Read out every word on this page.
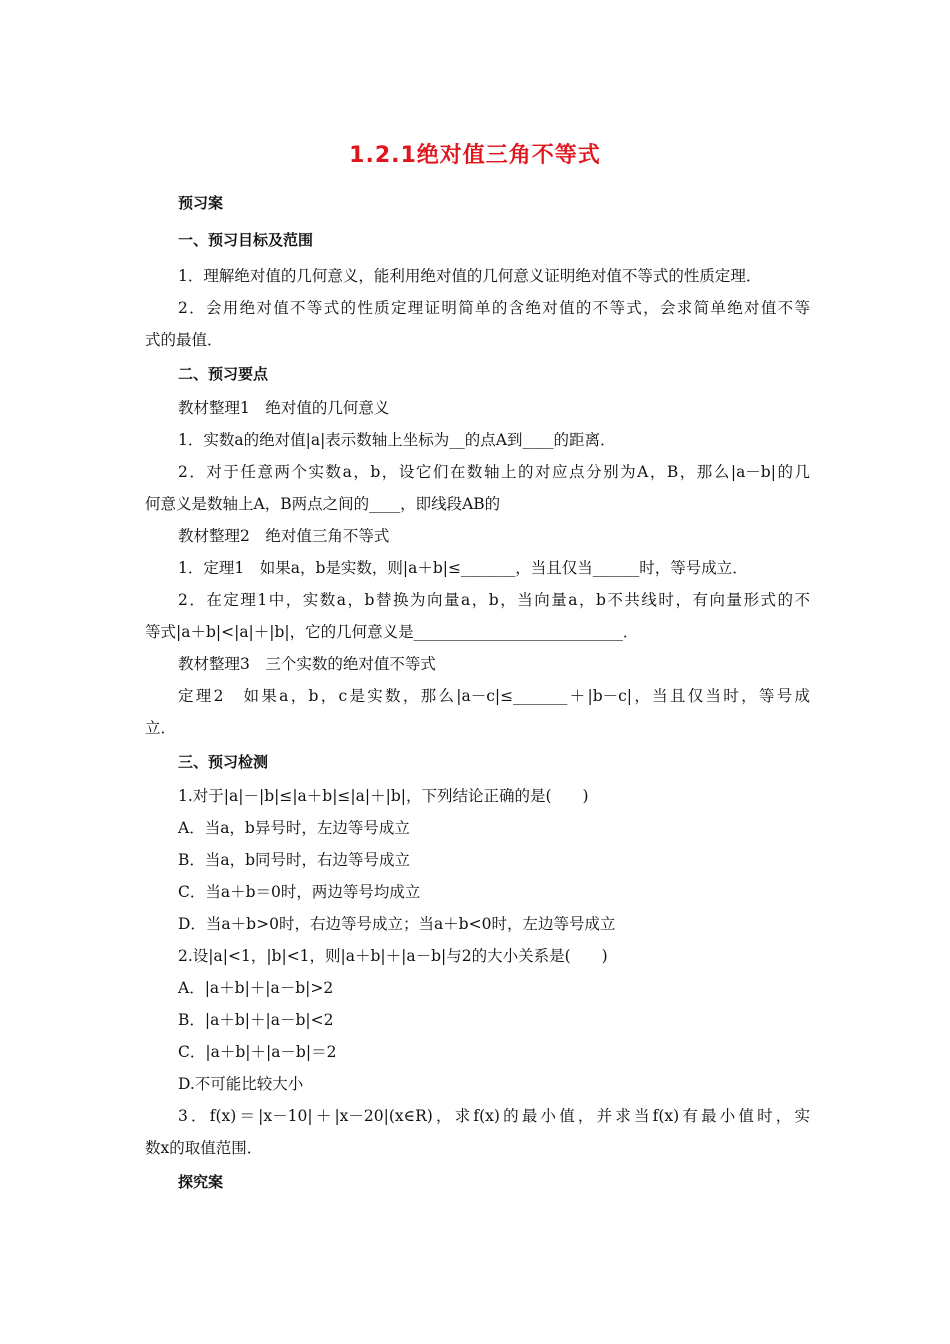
1.2.1绝对值三角不等式
预习案
一、预习目标及范围
1．理解绝对值的几何意义，能利用绝对值的几何意义证明绝对值不等式的性质定理．
2．会用绝对值不等式的性质定理证明简单的含绝对值的不等式，会求简单绝对值不等
式的最值．
二、预习要点
教材整理1　绝对值的几何意义
1．实数a的绝对值|a|表示数轴上坐标为__的点A到____的距离．
2．对于任意两个实数a，b，设它们在数轴上的对应点分别为A，B，那么|a－b|的几
何意义是数轴上A，B两点之间的____，即线段AB的
教材整理2　绝对值三角不等式
1．定理1　如果a，b是实数，则|a＋b|≤_______，当且仅当______时，等号成立．
2．在定理1中，实数a，b替换为向量a，b，当向量a，b不共线时，有向量形式的不
等式|a＋b|<|a|＋|b|，它的几何意义是___________________________．
教材整理3　三个实数的绝对值不等式
定理2　如果a，b，c是实数，那么|a－c|≤_______＋|b－c|，当且仅当时，等号成
立．
三、预习检测
1.对于|a|－|b|≤|a＋b|≤|a|＋|b|，下列结论正确的是(　　)
A．当a，b异号时，左边等号成立
B．当a，b同号时，右边等号成立
C．当a＋b＝0时，两边等号均成立
D．当a＋b>0时，右边等号成立；当a＋b<0时，左边等号成立
2.设|a|<1，|b|<1，则|a＋b|＋|a－b|与2的大小关系是(　　)
A．|a＋b|＋|a－b|>2
B．|a＋b|＋|a－b|<2
C．|a＋b|＋|a－b|＝2
D.不可能比较大小
3．f(x)＝|x－10|＋|x－20|(x∈R)，求f(x)的最小值，并求当f(x)有最小值时，实
数x的取值范围．
探究案
